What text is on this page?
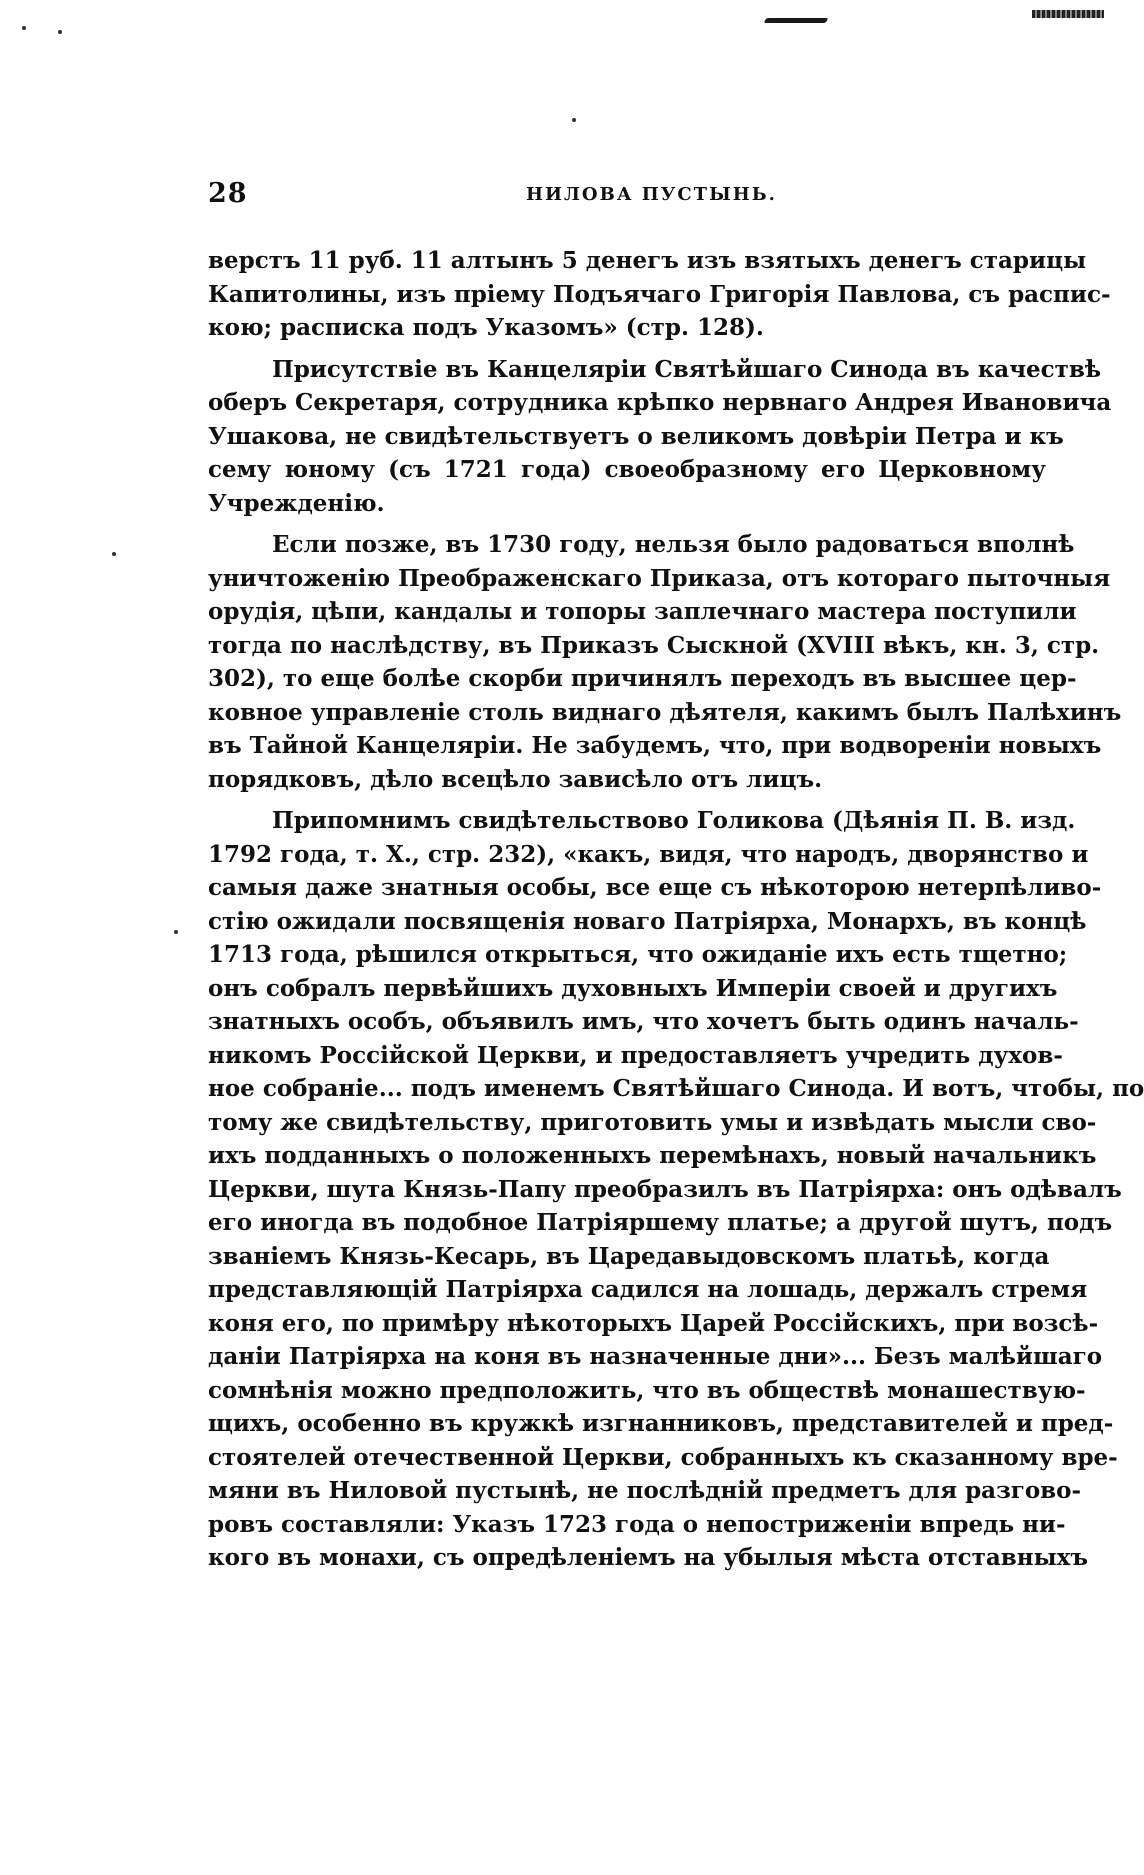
28	НИЛОВА ПУСТЫНЬ.

верстъ 11 руб. 11 алтынъ 5 денегъ изъ взятыхъ денегъ старицы
Капитолины, изъ прiему Подъячаго Григорiя Павлова, съ распис-
кою; расписка подъ Указомъ» (стр. 128).

Присутствiе въ Канцелярiи Святѣйшаго Синода въ качествѣ
оберъ Секретаря, сотрудника крѣпко нервнаго Андрея Ивановича
Ушакова, не свидѣтельствуетъ о великомъ довѣрiи Петра и къ
сему юному (съ 1721 года) своеобразному его Церковному
Учрежденiю.

Если позже, въ 1730 году, нельзя было радоваться вполнѣ
уничтоженiю Преображенскаго Приказа, отъ котораго пыточныя
орудiя, цѣпи, кандалы и топоры заплечнаго мастера поступили
тогда по наслѣдству, въ Приказъ Сыскной (XVIII вѣкъ, кн. 3, стр.
302), то еще болѣе скорби причинялъ переходъ въ высшее цер-
ковное управленiе столь виднаго дѣятеля, какимъ былъ Палѣхинъ
въ Тайной Канцелярiи. Не забудемъ, что, при водворенiи новыхъ
порядковъ, дѣло всецѣло зависѣло отъ лицъ.

Припомнимъ свидѣтельствово Голикова (Дѣянiя П. В. изд.
1792 года, т. X., стр. 232), «какъ, видя, что народъ, дворянство и
самыя даже знатныя особы, все еще съ нѣкоторою нетерпѣливо-
стiю ожидали посвященiя новаго Патрiярха, Монархъ, въ концѣ
1713 года, рѣшился открыться, что ожиданiе ихъ есть тщетно;
онъ собралъ первѣйшихъ духовныхъ Имперiи своей и другихъ
знатныхъ особъ, объявилъ имъ, что хочетъ быть одинъ началь-
никомъ Россiйской Церкви, и предоставляетъ учредить духов-
ное собранiе... подъ именемъ Святѣйшаго Синода. И вотъ, чтобы, по
тому же свидѣтельству, приготовить умы и извѣдать мысли сво-
ихъ подданныхъ о положенныхъ перемѣнахъ, новый начальникъ
Церкви, шута Князь-Папу преобразилъ въ Патрiярха: онъ одѣвалъ
его иногда въ подобное Патрiяршему платье; а другой шутъ, подъ
званiемъ Князь-Кесарь, въ Царедавыдовскомъ платьѣ, когда
представляющiй Патрiярха садился на лошадь, держалъ стремя
коня его, по примѣру нѣкоторыхъ Царей Россiйскихъ, при возсѣ-
данiи Патрiярха на коня въ назначенные дни»... Безъ малѣйшаго
сомнѣнiя можно предположить, что въ обществѣ монашествую-
щихъ, особенно въ кружкѣ изгнанниковъ, представителей и пред-
стоятелей отечественной Церкви, собранныхъ къ сказанному вре-
мяни въ Ниловой пустынѣ, не послѣднiй предметъ для разгово-
ровъ составляли: Указъ 1723 года о непостриженiи впредь ни-
кого въ монахи, съ опредѣленiемъ на убылыя мѣста отставныхъ
